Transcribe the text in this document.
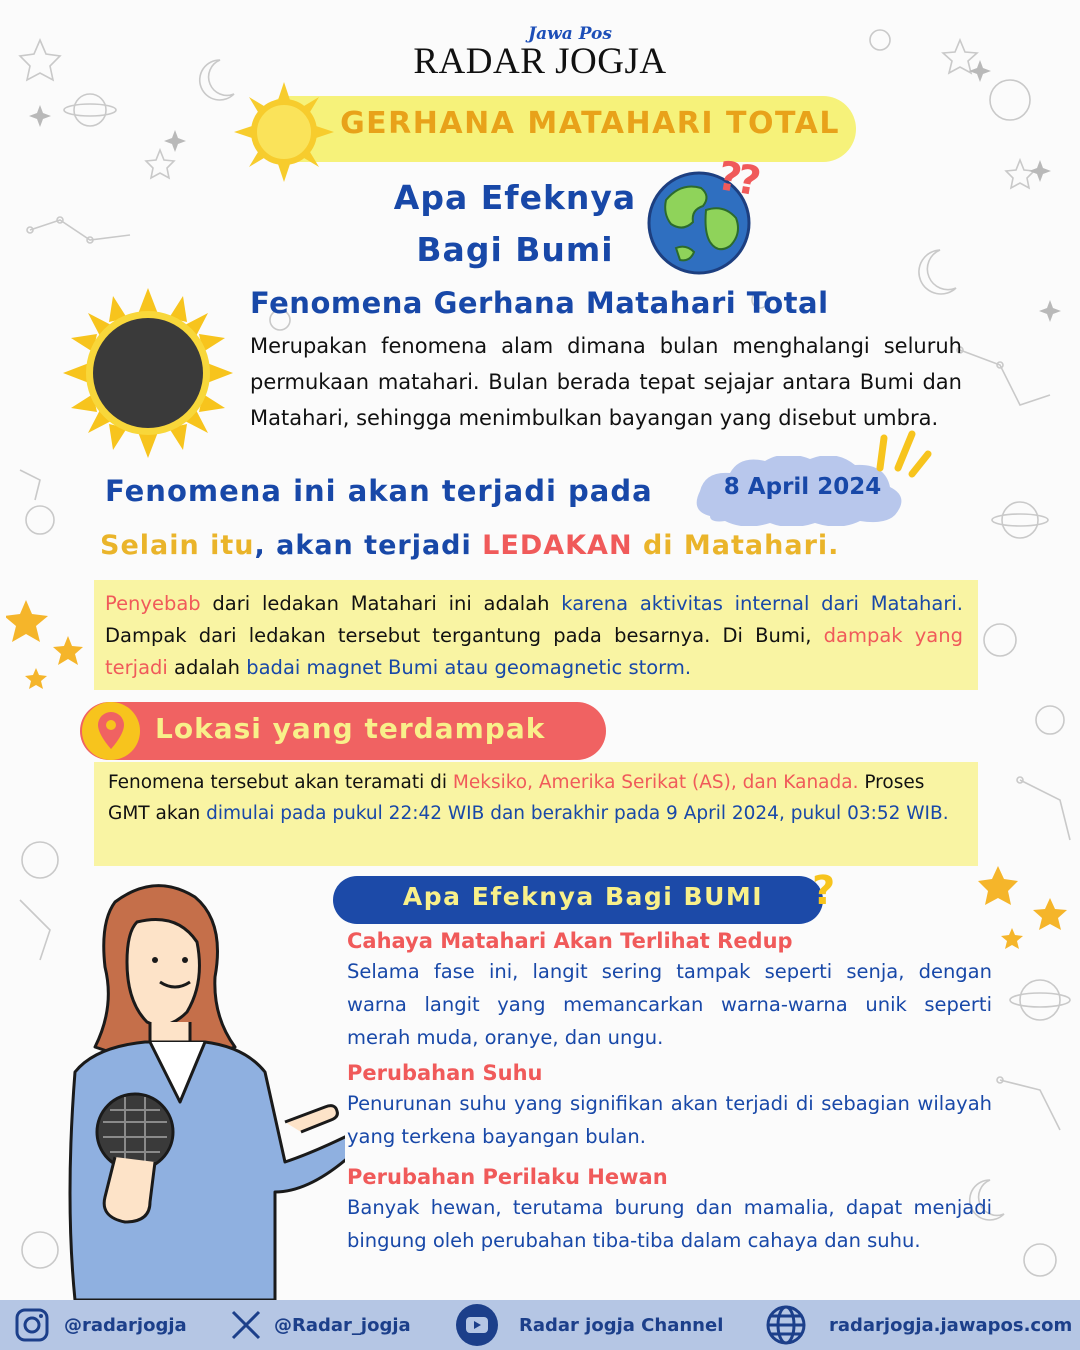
Jawa Pos
RADAR JOGJA
GERHANA MATAHARI TOTAL
Apa Efeknya
Bagi Bumi
??
Fenomena Gerhana Matahari Total
Merupakan fenomena alam dimana bulan menghalangi seluruh permukaan matahari. Bulan berada tepat sejajar antara Bumi dan Matahari, sehingga menimbulkan bayangan yang disebut umbra.
Fenomena ini akan terjadi pada	8 April 2024
Selain itu, akan terjadi LEDAKAN di Matahari.
Penyebab dari ledakan Matahari ini adalah karena aktivitas internal dari Matahari. Dampak dari ledakan tersebut tergantung pada besarnya. Di Bumi, dampak yang terjadi adalah badai magnet Bumi atau geomagnetic storm.
Lokasi yang terdampak
Fenomena tersebut akan teramati di Meksiko, Amerika Serikat (AS), dan Kanada. Proses GMT akan dimulai pada pukul 22:42 WIB dan berakhir pada 9 April 2024, pukul 03:52 WIB.
Apa Efeknya Bagi BUMI	?
Cahaya Matahari Akan Terlihat Redup
Selama fase ini, langit sering tampak seperti senja, dengan warna langit yang memancarkan warna-warna unik seperti merah muda, oranye, dan ungu.
Perubahan Suhu
Penurunan suhu yang signifikan akan terjadi di sebagian wilayah yang terkena bayangan bulan.
Perubahan Perilaku Hewan
Banyak hewan, terutama burung dan mamalia, dapat menjadi bingung oleh perubahan tiba-tiba dalam cahaya dan suhu.
@radarjogja	@Radar_jogja	Radar jogja Channel	radarjogja.jawapos.com
